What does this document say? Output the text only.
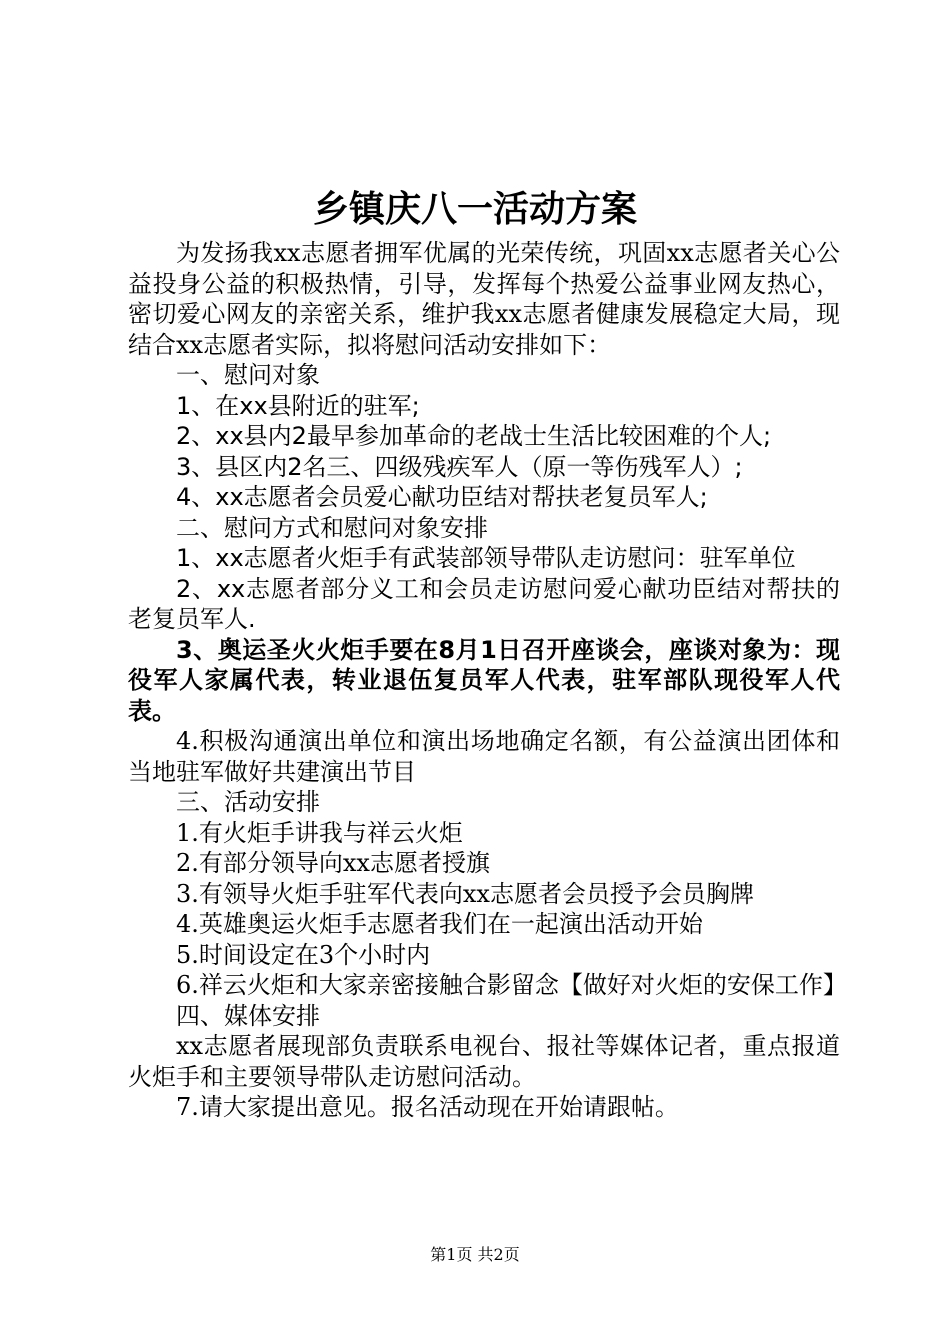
乡镇庆八一活动方案

为发扬我xx志愿者拥军优属的光荣传统，巩固xx志愿者关心公益投身公益的积极热情，引导，发挥每个热爱公益事业网友热心，密切爱心网友的亲密关系，维护我xx志愿者健康发展稳定大局，现结合xx志愿者实际，拟将慰问活动安排如下：

一、慰问对象

1、在xx县附近的驻军;

2、xx县内2最早参加革命的老战士生活比较困难的个人;

3、县区内2名三、四级残疾军人（原一等伤残军人）;

4、xx志愿者会员爱心献功臣结对帮扶老复员军人;

二、慰问方式和慰问对象安排

1、xx志愿者火炬手有武装部领导带队走访慰问：驻军单位

2、xx志愿者部分义工和会员走访慰问爱心献功臣结对帮扶的老复员军人.

3、奥运圣火火炬手要在8月1日召开座谈会，座谈对象为：现役军人家属代表，转业退伍复员军人代表，驻军部队现役军人代表。

4.积极沟通演出单位和演出场地确定名额，有公益演出团体和当地驻军做好共建演出节目

三、活动安排

1.有火炬手讲我与祥云火炬

2.有部分领导向xx志愿者授旗

3.有领导火炬手驻军代表向xx志愿者会员授予会员胸牌

4.英雄奥运火炬手志愿者我们在一起演出活动开始

5.时间设定在3个小时内

6.祥云火炬和大家亲密接触合影留念【做好对火炬的安保工作】

四、媒体安排

xx志愿者展现部负责联系电视台、报社等媒体记者，重点报道火炬手和主要领导带队走访慰问活动。

7.请大家提出意见。报名活动现在开始请跟帖。

第1页 共2页
